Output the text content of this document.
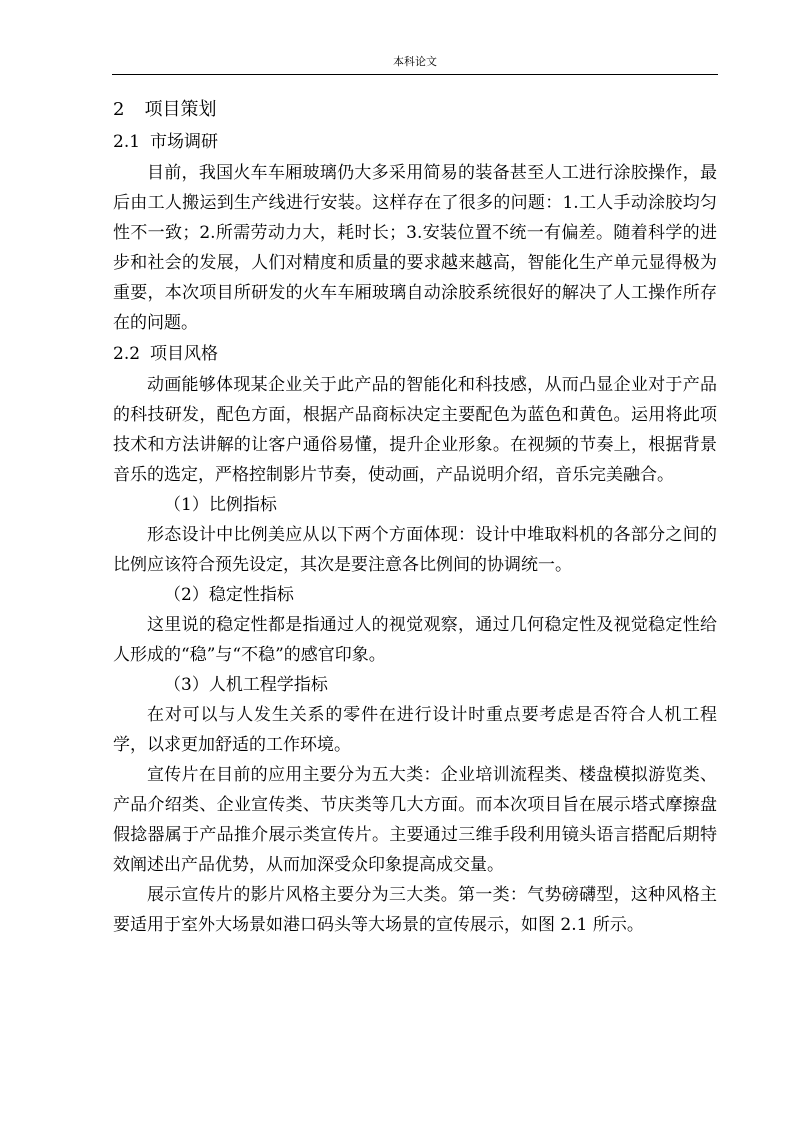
本科论文
2 项目策划
2.1 市场调研

目前，我国火车车厢玻璃仍大多采用简易的装备甚至人工进行涂胶操作，最后由工人搬运到生产线进行安装。这样存在了很多的问题：1.工人手动涂胶均匀性不一致；2.所需劳动力大，耗时长；3.安装位置不统一有偏差。随着科学的进步和社会的发展，人们对精度和质量的要求越来越高，智能化生产单元显得极为重要，本次项目所研发的火车车厢玻璃自动涂胶系统很好的解决了人工操作所存在的问题。

2.2 项目风格

动画能够体现某企业关于此产品的智能化和科技感，从而凸显企业对于产品的科技研发，配色方面，根据产品商标决定主要配色为蓝色和黄色。运用将此项技术和方法讲解的让客户通俗易懂，提升企业形象。在视频的节奏上，根据背景音乐的选定，严格控制影片节奏，使动画，产品说明介绍，音乐完美融合。

（1）比例指标

形态设计中比例美应从以下两个方面体现：设计中堆取料机的各部分之间的比例应该符合预先设定，其次是要注意各比例间的协调统一。

（2）稳定性指标

这里说的稳定性都是指通过人的视觉观察，通过几何稳定性及视觉稳定性给人形成的“稳”与“不稳”的感官印象。

（3）人机工程学指标

在对可以与人发生关系的零件在进行设计时重点要考虑是否符合人机工程学，以求更加舒适的工作环境。

宣传片在目前的应用主要分为五大类：企业培训流程类、楼盘模拟游览类、产品介绍类、企业宣传类、节庆类等几大方面。而本次项目旨在展示塔式摩擦盘假捻器属于产品推介展示类宣传片。主要通过三维手段利用镜头语言搭配后期特效阐述出产品优势，从而加深受众印象提高成交量。

展示宣传片的影片风格主要分为三大类。第一类：气势磅礴型，这种风格主要适用于室外大场景如港口码头等大场景的宣传展示，如图 2.1 所示。
